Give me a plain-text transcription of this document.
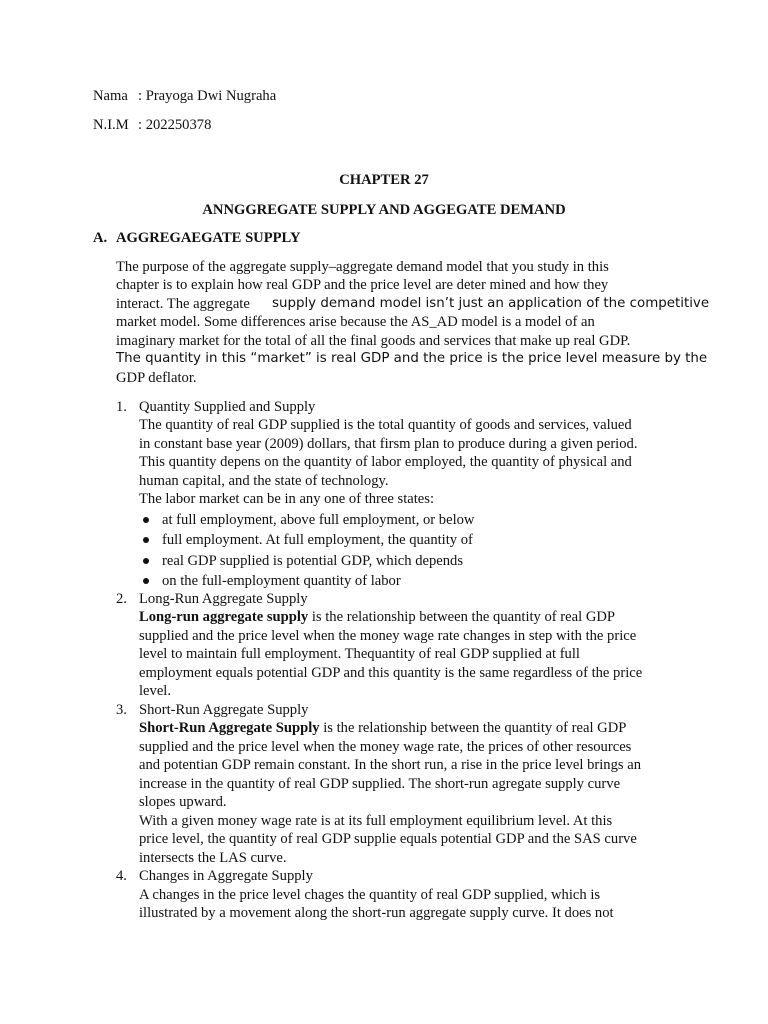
Nama : Prayoga Dwi Nugraha
N.I.M : 202250378
CHAPTER 27
ANNGGREGATE SUPPLY AND AGGEGATE DEMAND
A. AGGREGAEGATE SUPPLY
The purpose of the aggregate supply–aggregate demand model that you study in this
chapter is to explain how real GDP and the price level are deter mined and how they
interact. The aggregate supply demand model isn’t just an application of the competitive
market model. Some differences arise because the AS_AD model is a model of an
imaginary market for the total of all the final goods and services that make up real GDP.
The quantity in this “market” is real GDP and the price is the price level measure by the
GDP deflator.
1. Quantity Supplied and Supply
The quantity of real GDP supplied is the total quantity of goods and services, valued
in constant base year (2009) dollars, that firsm plan to produce during a given period.
This quantity depens on the quantity of labor employed, the quantity of physical and
human capital, and the state of technology.
The labor market can be in any one of three states:
at full employment, above full employment, or below
full employment. At full employment, the quantity of
real GDP supplied is potential GDP, which depends
on the full-employment quantity of labor
2. Long-Run Aggregate Supply
Long-run aggregate supply is the relationship between the quantity of real GDP
supplied and the price level when the money wage rate changes in step with the price
level to maintain full employment. Thequantity of real GDP supplied at full
employment equals potential GDP and this quantity is the same regardless of the price
level.
3. Short-Run Aggregate Supply
Short-Run Aggregate Supply is the relationship between the quantity of real GDP
supplied and the price level when the money wage rate, the prices of other resources
and potentian GDP remain constant. In the short run, a rise in the price level brings an
increase in the quantity of real GDP supplied. The short-run agregate supply curve
slopes upward.
With a given money wage rate is at its full employment equilibrium level. At this
price level, the quantity of real GDP supplie equals potential GDP and the SAS curve
intersects the LAS curve.
4. Changes in Aggregate Supply
A changes in the price level chages the quantity of real GDP supplied, which is
illustrated by a movement along the short-run aggregate supply curve. It does not
